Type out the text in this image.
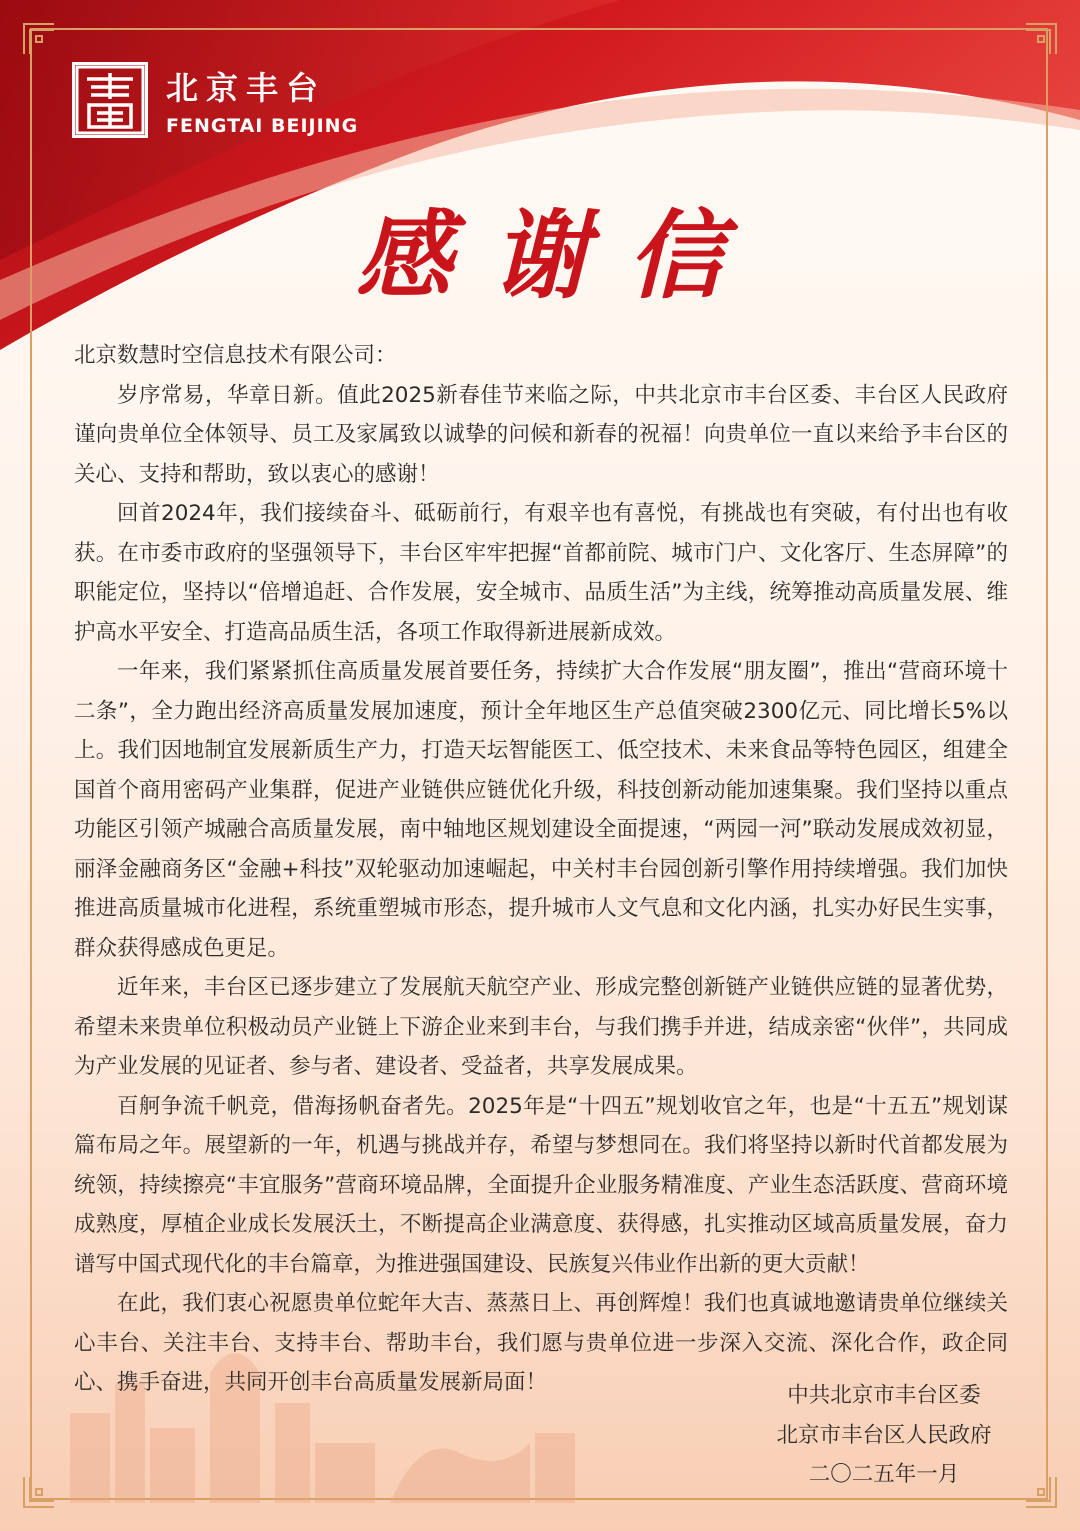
北京丰台
FENGTAI BEIJING
感谢信

北京数慧时空信息技术有限公司：

岁序常易，华章日新。值此2025新春佳节来临之际，中共北京市丰台区委、丰台区人民政府谨向贵单位全体领导、员工及家属致以诚挚的问候和新春的祝福！向贵单位一直以来给予丰台区的关心、支持和帮助，致以衷心的感谢！

回首2024年，我们接续奋斗、砥砺前行，有艰辛也有喜悦，有挑战也有突破，有付出也有收获。在市委市政府的坚强领导下，丰台区牢牢把握“首都前院、城市门户、文化客厅、生态屏障”的职能定位，坚持以“倍增追赶、合作发展，安全城市、品质生活”为主线，统筹推动高质量发展、维护高水平安全、打造高品质生活，各项工作取得新进展新成效。

一年来，我们紧紧抓住高质量发展首要任务，持续扩大合作发展“朋友圈”，推出“营商环境十二条”，全力跑出经济高质量发展加速度，预计全年地区生产总值突破2300亿元、同比增长5%以上。我们因地制宜发展新质生产力，打造天坛智能医工、低空技术、未来食品等特色园区，组建全国首个商用密码产业集群，促进产业链供应链优化升级，科技创新动能加速集聚。我们坚持以重点功能区引领产城融合高质量发展，南中轴地区规划建设全面提速，“两园一河”联动发展成效初显，丽泽金融商务区“金融+科技”双轮驱动加速崛起，中关村丰台园创新引擎作用持续增强。我们加快推进高质量城市化进程，系统重塑城市形态，提升城市人文气息和文化内涵，扎实办好民生实事，群众获得感成色更足。

近年来，丰台区已逐步建立了发展航天航空产业、形成完整创新链产业链供应链的显著优势，希望未来贵单位积极动员产业链上下游企业来到丰台，与我们携手并进，结成亲密“伙伴”，共同成为产业发展的见证者、参与者、建设者、受益者，共享发展成果。

百舸争流千帆竞，借海扬帆奋者先。2025年是“十四五”规划收官之年，也是“十五五”规划谋篇布局之年。展望新的一年，机遇与挑战并存，希望与梦想同在。我们将坚持以新时代首都发展为统领，持续擦亮“丰宜服务”营商环境品牌，全面提升企业服务精准度、产业生态活跃度、营商环境成熟度，厚植企业成长发展沃土，不断提高企业满意度、获得感，扎实推动区域高质量发展，奋力谱写中国式现代化的丰台篇章，为推进强国建设、民族复兴伟业作出新的更大贡献！

在此，我们衷心祝愿贵单位蛇年大吉、蒸蒸日上、再创辉煌！我们也真诚地邀请贵单位继续关心丰台、关注丰台、支持丰台、帮助丰台，我们愿与贵单位进一步深入交流、深化合作，政企同心、携手奋进，共同开创丰台高质量发展新局面！

中共北京市丰台区委
北京市丰台区人民政府
二〇二五年一月
